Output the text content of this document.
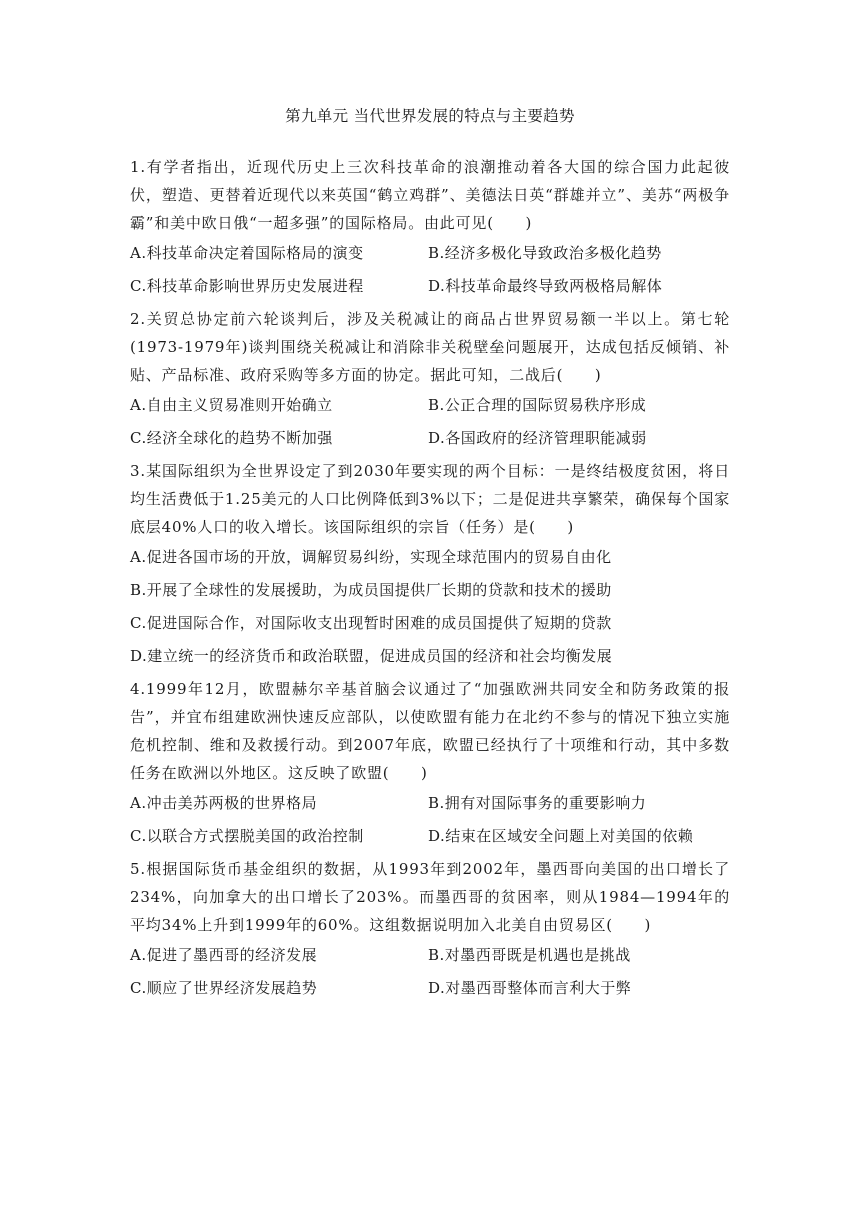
第九单元 当代世界发展的特点与主要趋势

1.有学者指出，近现代历史上三次科技革命的浪潮推动着各大国的综合国力此起彼伏，塑造、更替着近现代以来英国“鹤立鸡群”、美德法日英“群雄并立”、美苏“两极争霸”和美中欧日俄“一超多强”的国际格局。由此可见(　　)

A.科技革命决定着国际格局的演变	B.经济多极化导致政治多极化趋势
C.科技革命影响世界历史发展进程	D.科技革命最终导致两极格局解体

2.关贸总协定前六轮谈判后，涉及关税减让的商品占世界贸易额一半以上。第七轮(1973-1979年)谈判围绕关税减让和消除非关税壁垒问题展开，达成包括反倾销、补贴、产品标准、政府采购等多方面的协定。据此可知，二战后(　　)

A.自由主义贸易准则开始确立	B.公正合理的国际贸易秩序形成
C.经济全球化的趋势不断加强	D.各国政府的经济管理职能减弱

3.某国际组织为全世界设定了到2030年要实现的两个目标：一是终结极度贫困，将日均生活费低于1.25美元的人口比例降低到3%以下；二是促进共享繁荣，确保每个国家底层40%人口的收入增长。该国际组织的宗旨（任务）是(　　)

A.促进各国市场的开放，调解贸易纠纷，实现全球范围内的贸易自由化
B.开展了全球性的发展援助，为成员国提供厂长期的贷款和技术的援助
C.促进国际合作，对国际收支出现暂时困难的成员国提供了短期的贷款
D.建立统一的经济货币和政治联盟，促进成员国的经济和社会均衡发展

4.1999年12月，欧盟赫尔辛基首脑会议通过了“加强欧洲共同安全和防务政策的报告”，并宜布组建欧洲快速反应部队，以使欧盟有能力在北约不参与的情况下独立实施危机控制、维和及救援行动。到2007年底，欧盟已经执行了十项维和行动，其中多数任务在欧洲以外地区。这反映了欧盟(　　)

A.冲击美苏两极的世界格局	B.拥有对国际事务的重要影响力
C.以联合方式摆脱美国的政治控制	D.结束在区域安全问题上对美国的依赖

5.根据国际货币基金组织的数据，从1993年到2002年，墨西哥向美国的出口增长了234%，向加拿大的出口增长了203%。而墨西哥的贫困率，则从1984—1994年的平均34%上升到1999年的60%。这组数据说明加入北美自由贸易区(　　)

A.促进了墨西哥的经济发展	B.对墨西哥既是机遇也是挑战
C.顺应了世界经济发展趋势	D.对墨西哥整体而言利大于弊
